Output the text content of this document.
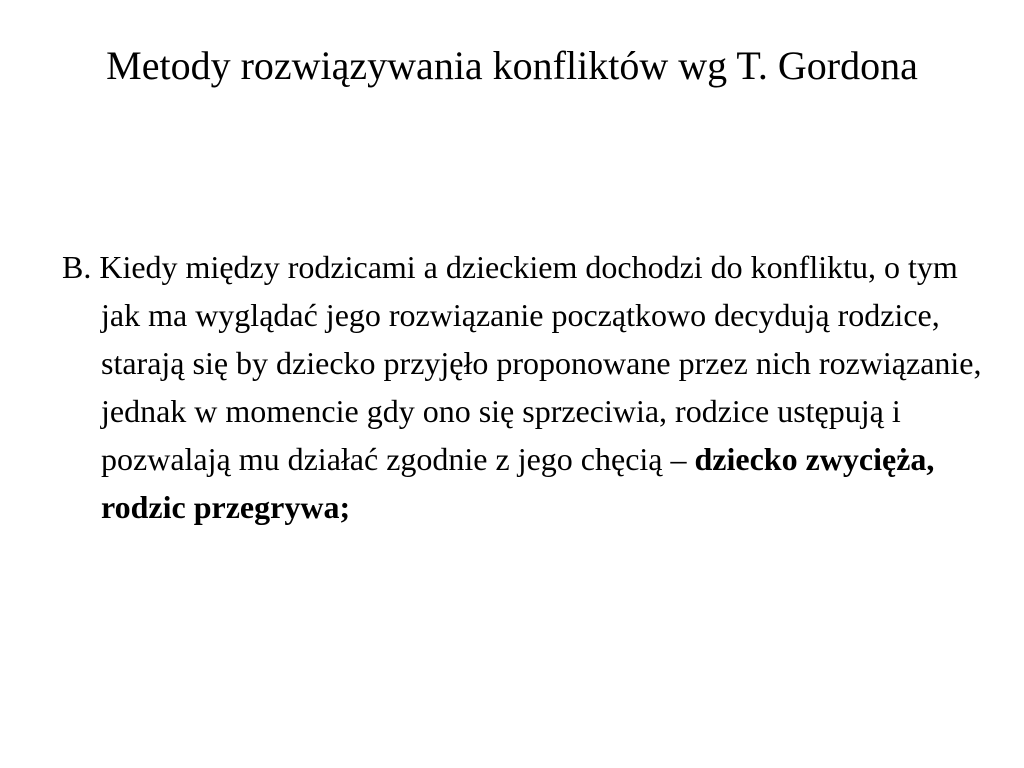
Metody rozwiązywania konfliktów wg T. Gordona

B. Kiedy między rodzicami a dzieckiem dochodzi do konfliktu, o tym jak ma wyglądać jego rozwiązanie początkowo decydują rodzice, starają się by dziecko przyjęło proponowane przez nich rozwiązanie, jednak w momencie gdy ono się sprzeciwia, rodzice ustępują i pozwalają mu działać zgodnie z jego chęcią – dziecko zwycięża, rodzic przegrywa;
